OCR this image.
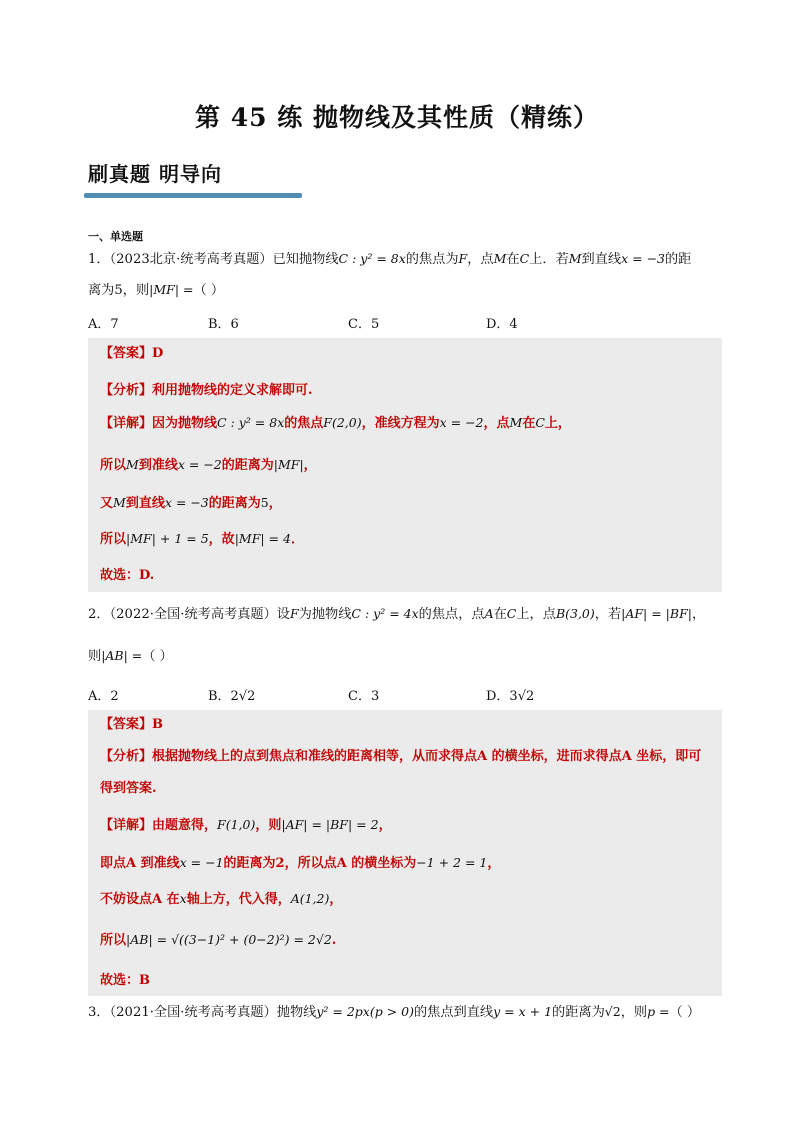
第 45 练 抛物线及其性质（精练）
刷真题 明导向
一、单选题
1．（2023北京·统考高考真题）已知抛物线C : y² = 8x的焦点为F，点M在C上．若M到直线x = −3的距
离为5，则|MF| =（ ）
A．7	B．6	C．5	D．4
【答案】D
【分析】利用抛物线的定义求解即可.
【详解】因为抛物线C : y² = 8x的焦点F(2,0)，准线方程为x = −2，点M在C上，
所以M到准线x = −2的距离为|MF|，
又M到直线x = −3的距离为5，
所以|MF| + 1 = 5，故|MF| = 4．
故选：D.
2．（2022·全国·统考高考真题）设F为抛物线C : y² = 4x的焦点，点A在C上，点B(3,0)，若|AF| = |BF|，
则|AB| =（ ）
A．2	B．2√2	C．3	D．3√2
【答案】B
【分析】根据抛物线上的点到焦点和准线的距离相等，从而求得点A 的横坐标，进而求得点A 坐标，即可
得到答案.
【详解】由题意得，F(1,0)，则|AF| = |BF| = 2，
即点A 到准线x = −1的距离为2，所以点A 的横坐标为−1 + 2 = 1，
不妨设点A 在x轴上方，代入得，A(1,2)，
所以|AB| = √((3−1)² + (0−2)²) = 2√2.
故选：B
3．（2021·全国·统考高考真题）抛物线y² = 2px(p > 0)的焦点到直线y = x + 1的距离为√2，则p =（ ）
